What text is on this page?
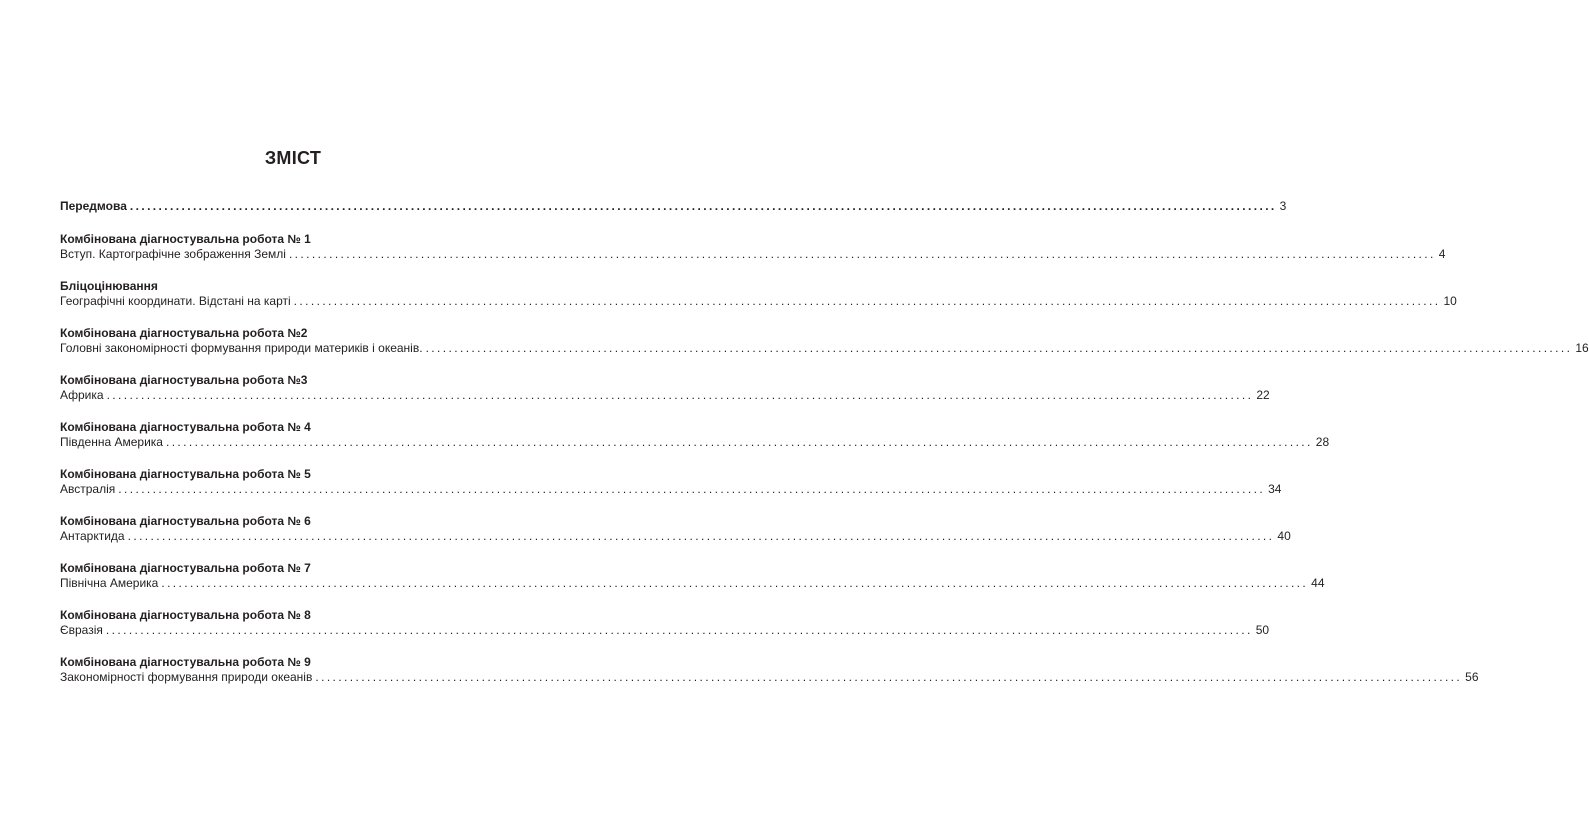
ЗМІСТ
Передмова ........................................................................................................................................................................................................ 3
Комбінована діагностувальна робота № 1
Вступ. Картографічне зображення Землі ........................................................................................................................................................................................................ 4
Бліцоцінювання
Географічні координати. Відстані на карті ........................................................................................................................................................................................................ 10
Комбінована діагностувальна робота №2
Головні закономірності формування природи материків і океанів. ........................................................................................................................................................................................................ 16
Комбінована діагностувальна робота №3
Африка ........................................................................................................................................................................................................ 22
Комбінована діагностувальна робота № 4
Південна Америка ........................................................................................................................................................................................................ 28
Комбінована діагностувальна робота № 5
Австралія ........................................................................................................................................................................................................ 34
Комбінована діагностувальна робота № 6
Антарктида ........................................................................................................................................................................................................ 40
Комбінована діагностувальна робота № 7
Північна Америка ........................................................................................................................................................................................................ 44
Комбінована діагностувальна робота № 8
Євразія ........................................................................................................................................................................................................ 50
Комбінована діагностувальна робота № 9
Закономірності формування природи океанів ........................................................................................................................................................................................................ 56
